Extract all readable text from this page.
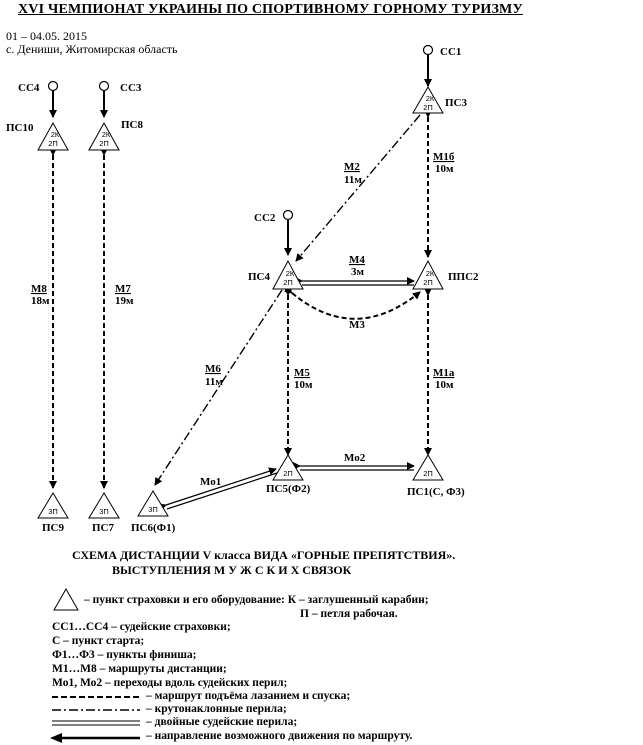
XVI ЧЕМПИОНАТ УКРАИНЫ ПО СПОРТИВНОМУ ГОРНОМУ ТУРИЗМУ
01 – 04.05. 2015
с. Дениши, Житомирская область
2К
2П
2К
2П
2К
2П
2К
2П
2К
2П
2П	2П
3П	3П	3П
ПС10	ПС8
ПС3
ПС4	ППС2
ПС5(Ф2)	ПС1(С, Ф3)
ПС9	ПС7 ПС6(Ф1)
СС1
СС2
СС3
СС4
М1б
10м
М2
11м
М4
3м
М3
М5
10м
М1а
10м
М6
11м
М8
18м
М7
19м
Мо1
Мо2
СХЕМА ДИСТАНЦИИ V класса ВИДА «ГОРНЫЕ ПРЕПЯТСТВИЯ».
ВЫСТУПЛЕНИЯ М У Ж С К И Х СВЯЗОК
– пункт страховки и его оборудование: К – заглушенный карабин;
П – петля рабочая.
СС1…СС4 – судейские страховки;
С – пункт старта;
Ф1…Ф3 – пункты финиша;
М1…М8 – маршруты дистанции;
Мо1, Мо2 – переходы вдоль судейских перил;
– маршрут подъёма лазанием и спуска;
– крутонаклонные перила;
– двойные судейские перила;
– направление возможного движения по маршруту.
